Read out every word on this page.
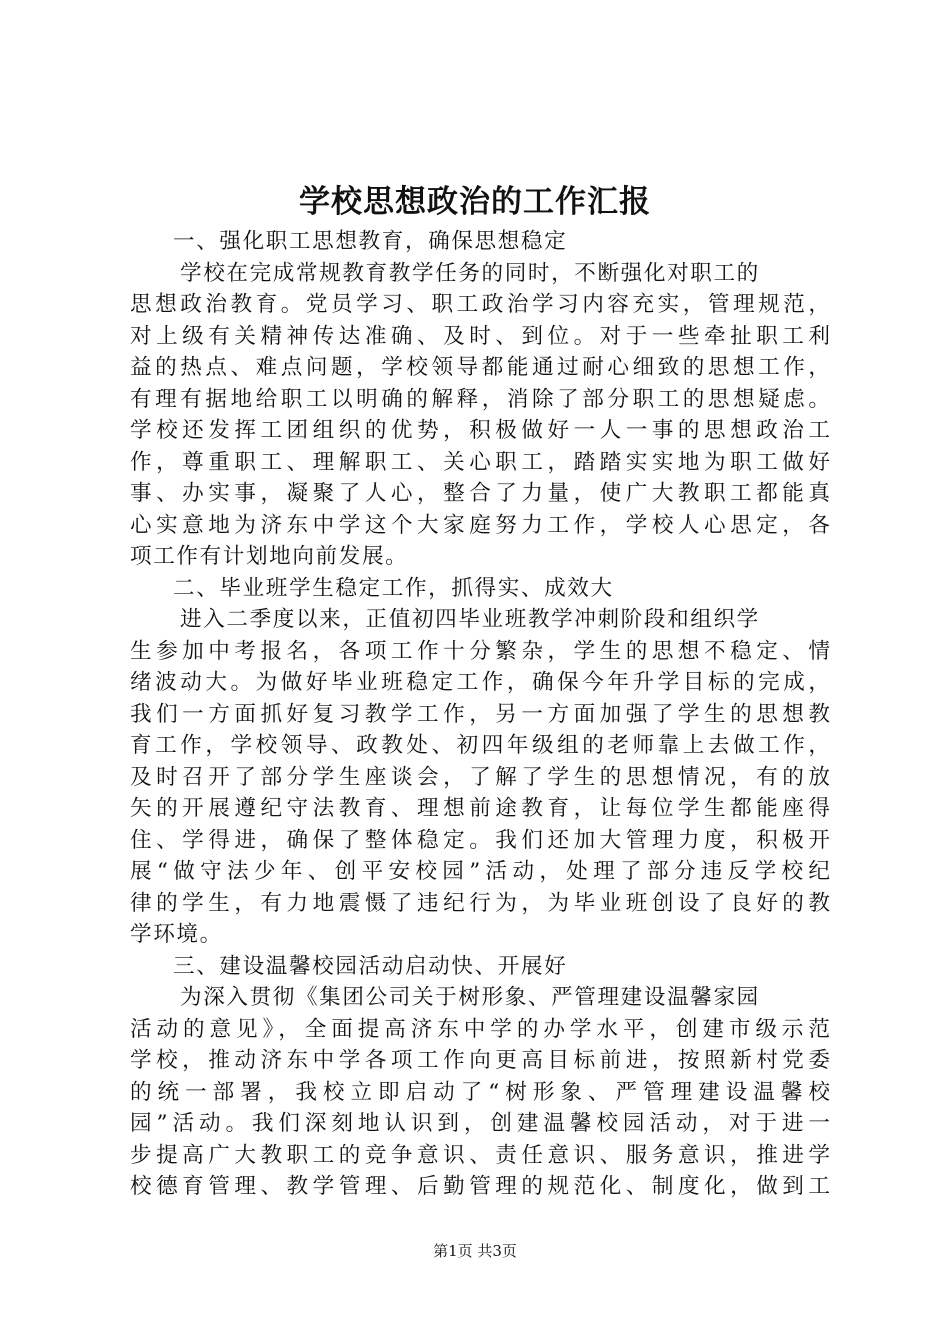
学校思想政治的工作汇报
一、强化职工思想教育，确保思想稳定
学校在完成常规教育教学任务的同时，不断强化对职工的
思想政治教育。党员学习、职工政治学习内容充实，管理规范，
对上级有关精神传达准确、及时、到位。对于一些牵扯职工利
益的热点、难点问题，学校领导都能通过耐心细致的思想工作，
有理有据地给职工以明确的解释，消除了部分职工的思想疑虑。
学校还发挥工团组织的优势，积极做好一人一事的思想政治工
作，尊重职工、理解职工、关心职工，踏踏实实地为职工做好
事、办实事，凝聚了人心，整合了力量，使广大教职工都能真
心实意地为济东中学这个大家庭努力工作，学校人心思定，各
项工作有计划地向前发展。
二、毕业班学生稳定工作，抓得实、成效大
进入二季度以来，正值初四毕业班教学冲刺阶段和组织学
生参加中考报名，各项工作十分繁杂，学生的思想不稳定、情
绪波动大。为做好毕业班稳定工作，确保今年升学目标的完成，
我们一方面抓好复习教学工作，另一方面加强了学生的思想教
育工作，学校领导、政教处、初四年级组的老师靠上去做工作，
及时召开了部分学生座谈会，了解了学生的思想情况，有的放
矢的开展遵纪守法教育、理想前途教育，让每位学生都能座得
住、学得进，确保了整体稳定。我们还加大管理力度，积极开
展“做守法少年、创平安校园”活动，处理了部分违反学校纪
律的学生，有力地震慑了违纪行为，为毕业班创设了良好的教
学环境。
三、建设温馨校园活动启动快、开展好
为深入贯彻《集团公司关于树形象、严管理建设温馨家园
活动的意见》，全面提高济东中学的办学水平，创建市级示范
学校，推动济东中学各项工作向更高目标前进，按照新村党委
的统一部署，我校立即启动了“树形象、严管理建设温馨校
园”活动。我们深刻地认识到，创建温馨校园活动，对于进一
步提高广大教职工的竞争意识、责任意识、服务意识，推进学
校德育管理、教学管理、后勤管理的规范化、制度化，做到工
第1页 共3页
